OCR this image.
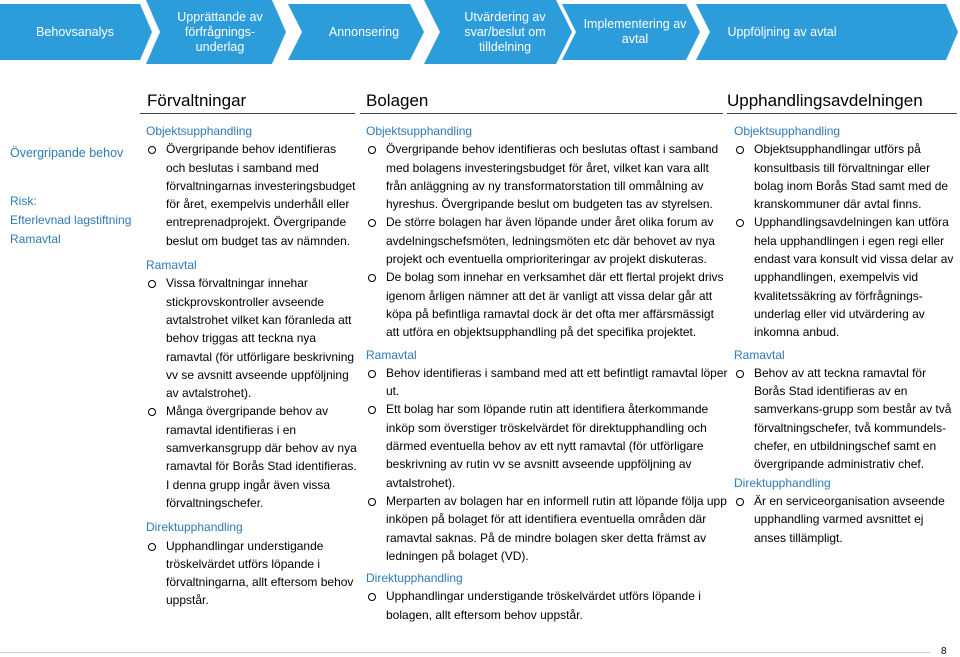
Behovsanalys
Upprättande av förfrågnings-underlag
Annonsering
Utvärdering av svar/beslut om tilldelning
Implementering av avtal
Uppföljning av avtal
Förvaltningar	Bolagen	Upphandlingsavdelningen
Övergripande behov
Risk:
Efterlevnad lagstiftning
Ramavtal
Objektsupphandling
Övergripande behov identifieras och beslutas i samband med förvaltningarnas investeringsbudget för året, exempelvis underhåll eller entreprenadprojekt. Övergripande beslut om budget tas av nämnden.
Ramavtal
Vissa förvaltningar innehar stickprovskontroller avseende avtalstrohet vilket kan föranleda att behov triggas att teckna nya ramavtal (för utförligare beskrivning vv se avsnitt avseende uppföljning av avtalstrohet).
Många övergripande behov av ramavtal identifieras i en samverkansgrupp där behov av nya ramavtal för Borås Stad identifieras. I denna grupp ingår även vissa förvaltningschefer.
Direktupphandling
Upphandlingar understigande tröskelvärdet utförs löpande i förvaltningarna, allt eftersom behov uppstår.
Objektsupphandling
Övergripande behov identifieras och beslutas oftast i samband med bolagens investeringsbudget för året, vilket kan vara allt från anläggning av ny transformatorstation till ommålning av hyreshus. Övergripande beslut om budgeten tas av styrelsen.
De större bolagen har även löpande under året olika forum av avdelningschefsmöten, ledningsmöten etc där behovet av nya projekt och eventuella omprioriteringar av projekt diskuteras.
De bolag som innehar en verksamhet där ett flertal projekt drivs igenom årligen nämner att det är vanligt att vissa delar går att köpa på befintliga ramavtal dock är det ofta mer affärsmässigt att utföra en objektsupphandling på det specifika projektet.
Ramavtal
Behov identifieras i samband med att ett befintligt ramavtal löper ut.
Ett bolag har som löpande rutin att identifiera återkommande inköp som överstiger tröskelvärdet för direktupphandling och därmed eventuella behov av ett nytt ramavtal (för utförligare beskrivning av rutin vv se avsnitt avseende uppföljning av avtalstrohet).
Merparten av bolagen har en informell rutin att löpande följa upp inköpen på bolaget för att identifiera eventuella områden där ramavtal saknas. På de mindre bolagen sker detta främst av ledningen på bolaget (VD).
Direktupphandling
Upphandlingar understigande tröskelvärdet utförs löpande i bolagen, allt eftersom behov uppstår.
Objektsupphandling
Objektsupphandlingar utförs på konsultbasis till förvaltningar eller bolag inom Borås Stad samt med de kranskommuner där avtal finns.
Upphandlingsavdelningen kan utföra hela upphandlingen i egen regi eller endast vara konsult vid vissa delar av upphandlingen, exempelvis vid kvalitetssäkring av förfrågnings-underlag eller vid utvärdering av inkomna anbud.
Ramavtal
Behov av att teckna ramavtal för Borås Stad identifieras av en samverkans-grupp som består av två förvaltningschefer, två kommundels-chefer, en utbildningschef samt en övergripande administrativ chef.
Direktupphandling
Är en serviceorganisation avseende upphandling varmed avsnittet ej anses tillämpligt.
8
